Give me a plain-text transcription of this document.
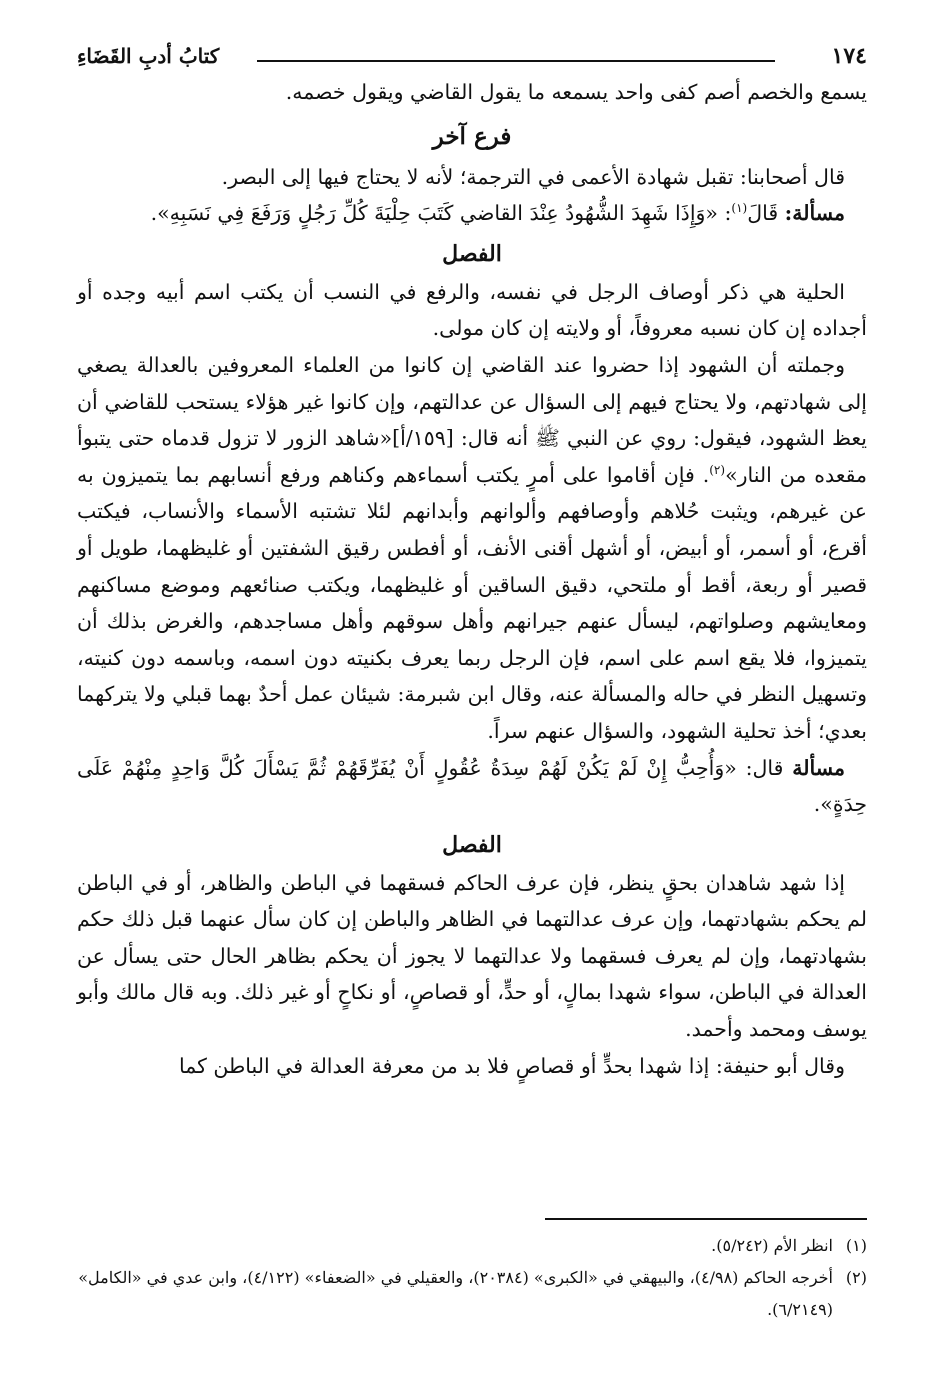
١٧٤
كتابُ أدبِ القَضَاءِ

يسمع والخصم أصم كفى واحد يسمعه ما يقول القاضي ويقول خصمه.

فرع آخر

قال أصحابنا: تقبل شهادة الأعمى في الترجمة؛ لأنه لا يحتاج فيها إلى البصر.

مسألة: قَالَ$^{(١)}$: «وَإِذَا شَهِدَ الشُّهُودُ عِنْدَ القاضي كَتَبَ حِلْيَةَ كُلِّ رَجُلٍ وَرَفَعَ فِي نَسَبِهِ».

الفصل

الحلية هي ذكر أوصاف الرجل في نفسه، والرفع في النسب أن يكتب اسم أبيه وجده أو أجداده إن كان نسبه معروفاً، أو ولايته إن كان مولى.

وجملته أن الشهود إذا حضروا عند القاضي إن كانوا من العلماء المعروفين بالعدالة يصغي إلى شهادتهم، ولا يحتاج فيهم إلى السؤال عن عدالتهم، وإن كانوا غير هؤلاء يستحب للقاضي أن يعظ الشهود، فيقول: روي عن النبي ﷺ أنه قال: [١٥٩/أ]«شاهد الزور لا تزول قدماه حتى يتبوأ مقعده من النار»$^{(٢)}$. فإن أقاموا على أمرٍ يكتب أسماءهم وكناهم ورفع أنسابهم بما يتميزون به عن غيرهم، ويثبت حُلاهم وأوصافهم وألوانهم وأبدانهم لئلا تشتبه الأسماء والأنساب، فيكتب أقرع، أو أسمر، أو أبيض، أو أشهل أقنى الأنف، أو أفطس رقيق الشفتين أو غليظهما، طويل أو قصير أو ربعة، أقط أو ملتحي، دقيق الساقين أو غليظهما، ويكتب صنائعهم وموضع مساكنهم ومعايشهم وصلواتهم، ليسأل عنهم جيرانهم وأهل سوقهم وأهل مساجدهم، والغرض بذلك أن يتميزوا، فلا يقع اسم على اسم، فإن الرجل ربما يعرف بكنيته دون اسمه، وباسمه دون كنيته، وتسهيل النظر في حاله والمسألة عنه، وقال ابن شبرمة: شيئان عمل أحدٌ بهما قبلي ولا يتركهما بعدي؛ أخذ تحلية الشهود، والسؤال عنهم سراً.

مسألة قال: «وَأُحِبُّ إِنْ لَمْ يَكُنْ لَهُمْ سِدَةُ عُقُولٍ أَنْ يُفَرِّقَهُمْ ثُمَّ يَسْأَلَ كُلَّ وَاحِدٍ مِنْهُمْ عَلَى حِدَةٍ».

الفصل

إذا شهد شاهدان بحقٍ ينظر، فإن عرف الحاكم فسقهما في الباطن والظاهر، أو في الباطن لم يحكم بشهادتهما، وإن عرف عدالتهما في الظاهر والباطن إن كان سأل عنهما قبل ذلك حكم بشهادتهما، وإن لم يعرف فسقهما ولا عدالتهما لا يجوز أن يحكم بظاهر الحال حتى يسأل عن العدالة في الباطن، سواء شهدا بمالٍ، أو حدٍّ، أو قصاصٍ، أو نكاحٍ أو غير ذلك. وبه قال مالك وأبو يوسف ومحمد وأحمد.

وقال أبو حنيفة: إذا شهدا بحدٍّ أو قصاصٍ فلا بد من معرفة العدالة في الباطن كما

(١)
انظر الأم (٥/٢٤٢).
(٢)
أخرجه الحاكم (٤/٩٨)، والبيهقي في «الكبرى» (٢٠٣٨٤)، والعقيلي في «الضعفاء» (٤/١٢٢)، وابن عدي في «الكامل» (٦/٢١٤٩).
